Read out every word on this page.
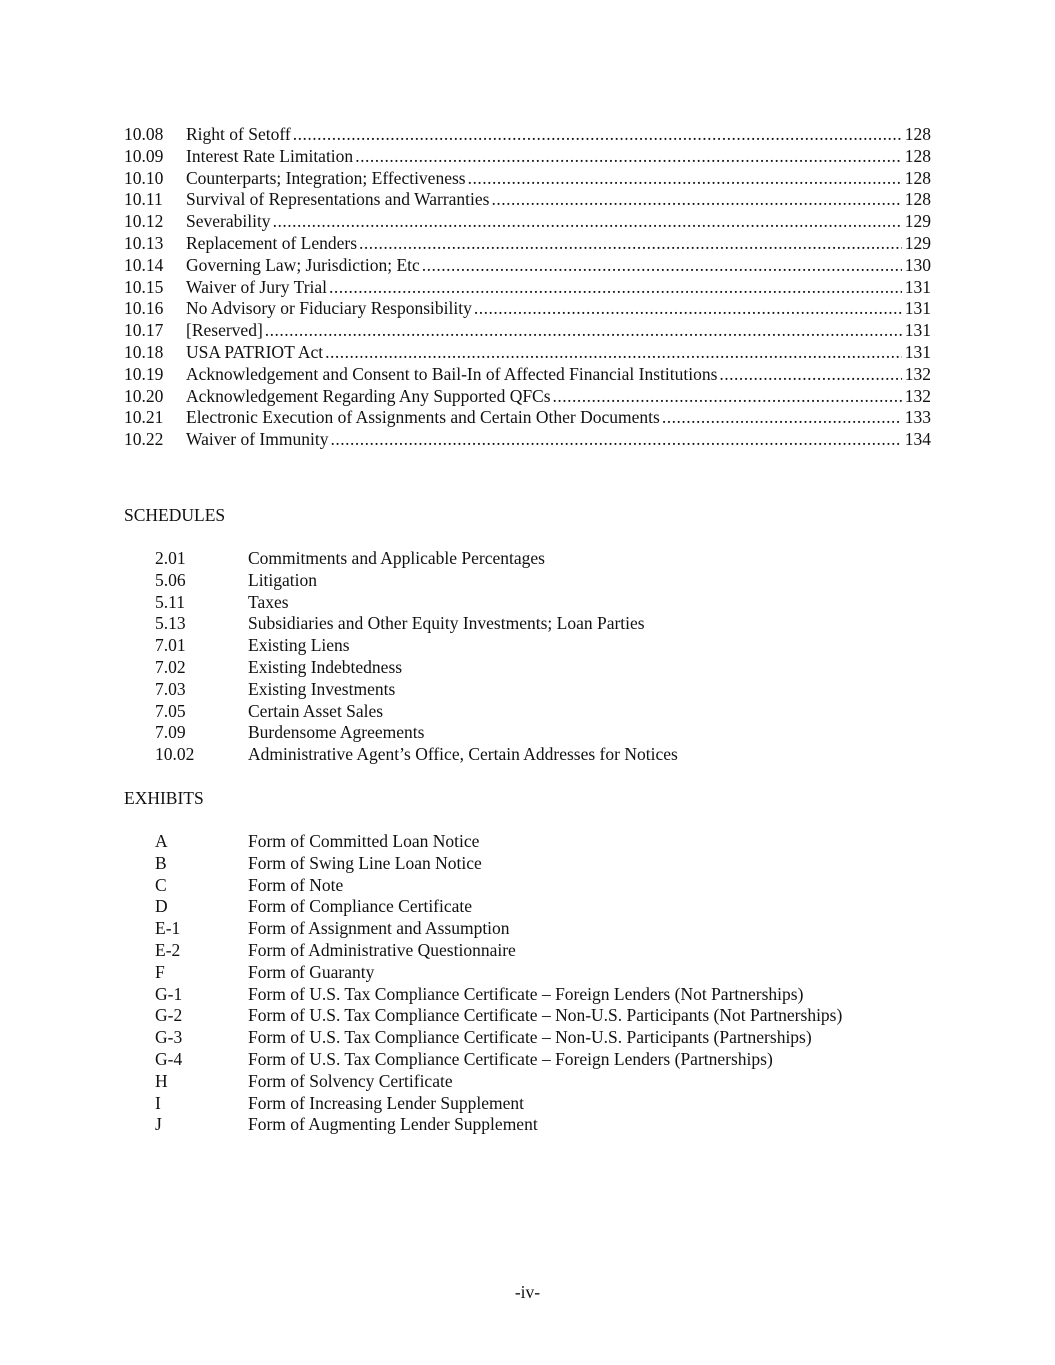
10.08	Right of Setoff .....	128
10.09	Interest Rate Limitation .....	128
10.10	Counterparts; Integration; Effectiveness .....	128
10.11	Survival of Representations and Warranties .....	128
10.12	Severability .....	129
10.13	Replacement of Lenders .....	129
10.14	Governing Law; Jurisdiction; Etc .....	130
10.15	Waiver of Jury Trial .....	131
10.16	No Advisory or Fiduciary Responsibility .....	131
10.17	[Reserved] .....	131
10.18	USA PATRIOT Act .....	131
10.19	Acknowledgement and Consent to Bail-In of Affected Financial Institutions .....	132
10.20	Acknowledgement Regarding Any Supported QFCs .....	132
10.21	Electronic Execution of Assignments and Certain Other Documents .....	133
10.22	Waiver of Immunity .....	134
SCHEDULES
2.01	Commitments and Applicable Percentages
5.06	Litigation
5.11	Taxes
5.13	Subsidiaries and Other Equity Investments; Loan Parties
7.01	Existing Liens
7.02	Existing Indebtedness
7.03	Existing Investments
7.05	Certain Asset Sales
7.09	Burdensome Agreements
10.02	Administrative Agent’s Office, Certain Addresses for Notices
EXHIBITS
A	Form of Committed Loan Notice
B	Form of Swing Line Loan Notice
C	Form of Note
D	Form of Compliance Certificate
E-1	Form of Assignment and Assumption
E-2	Form of Administrative Questionnaire
F	Form of Guaranty
G-1	Form of U.S. Tax Compliance Certificate – Foreign Lenders (Not Partnerships)
G-2	Form of U.S. Tax Compliance Certificate – Non-U.S. Participants (Not Partnerships)
G-3	Form of U.S. Tax Compliance Certificate – Non-U.S. Participants (Partnerships)
G-4	Form of U.S. Tax Compliance Certificate – Foreign Lenders (Partnerships)
H	Form of Solvency Certificate
I	Form of Increasing Lender Supplement
J	Form of Augmenting Lender Supplement
-iv-
